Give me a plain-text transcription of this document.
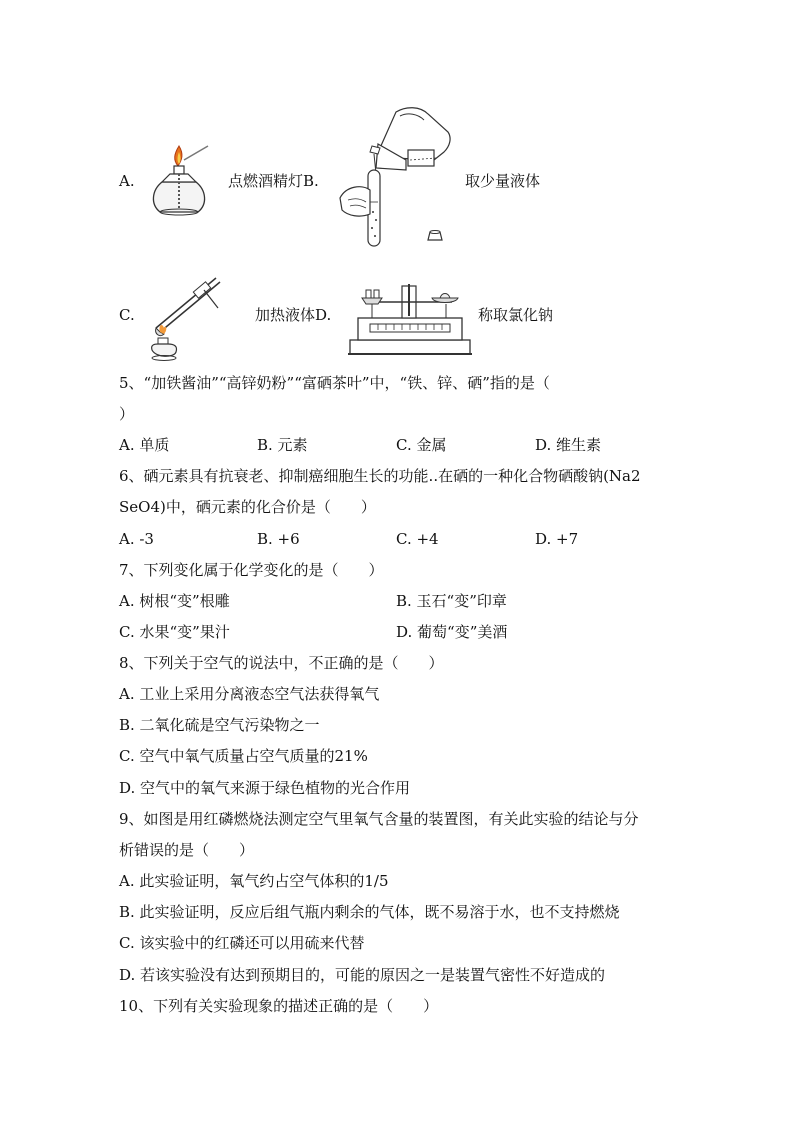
A.	点燃酒精灯B.	取少量液体
C.	加热液体D.	称取氯化钠
5、“加铁酱油”“高锌奶粉”“富硒茶叶”中，“铁、锌、硒”指的是（
）
A. 单质	B. 元素	C. 金属	D. 维生素
6、硒元素具有抗衰老、抑制癌细胞生长的功能..在硒的一种化合物硒酸钠(Na2
SeO4)中，硒元素的化合价是（　　）
A. -3	B. +6	C. +4	D. +7
7、下列变化属于化学变化的是（　　）
A. 树根“变”根雕	B. 玉石“变”印章
C. 水果“变”果汁	D. 葡萄“变”美酒
8、下列关于空气的说法中，不正确的是（　　）
A. 工业上采用分离液态空气法获得氧气
B. 二氧化硫是空气污染物之一
C. 空气中氧气质量占空气质量的21%
D. 空气中的氧气来源于绿色植物的光合作用
9、如图是用红磷燃烧法测定空气里氧气含量的装置图，有关此实验的结论与分
析错误的是（　　）
A. 此实验证明，氧气约占空气体积的1/5
B. 此实验证明，反应后组气瓶内剩余的气体，既不易溶于水，也不支持燃烧
C. 该实验中的红磷还可以用硫来代替
D. 若该实验没有达到预期目的，可能的原因之一是装置气密性不好造成的
10、下列有关实验现象的描述正确的是（　　）
